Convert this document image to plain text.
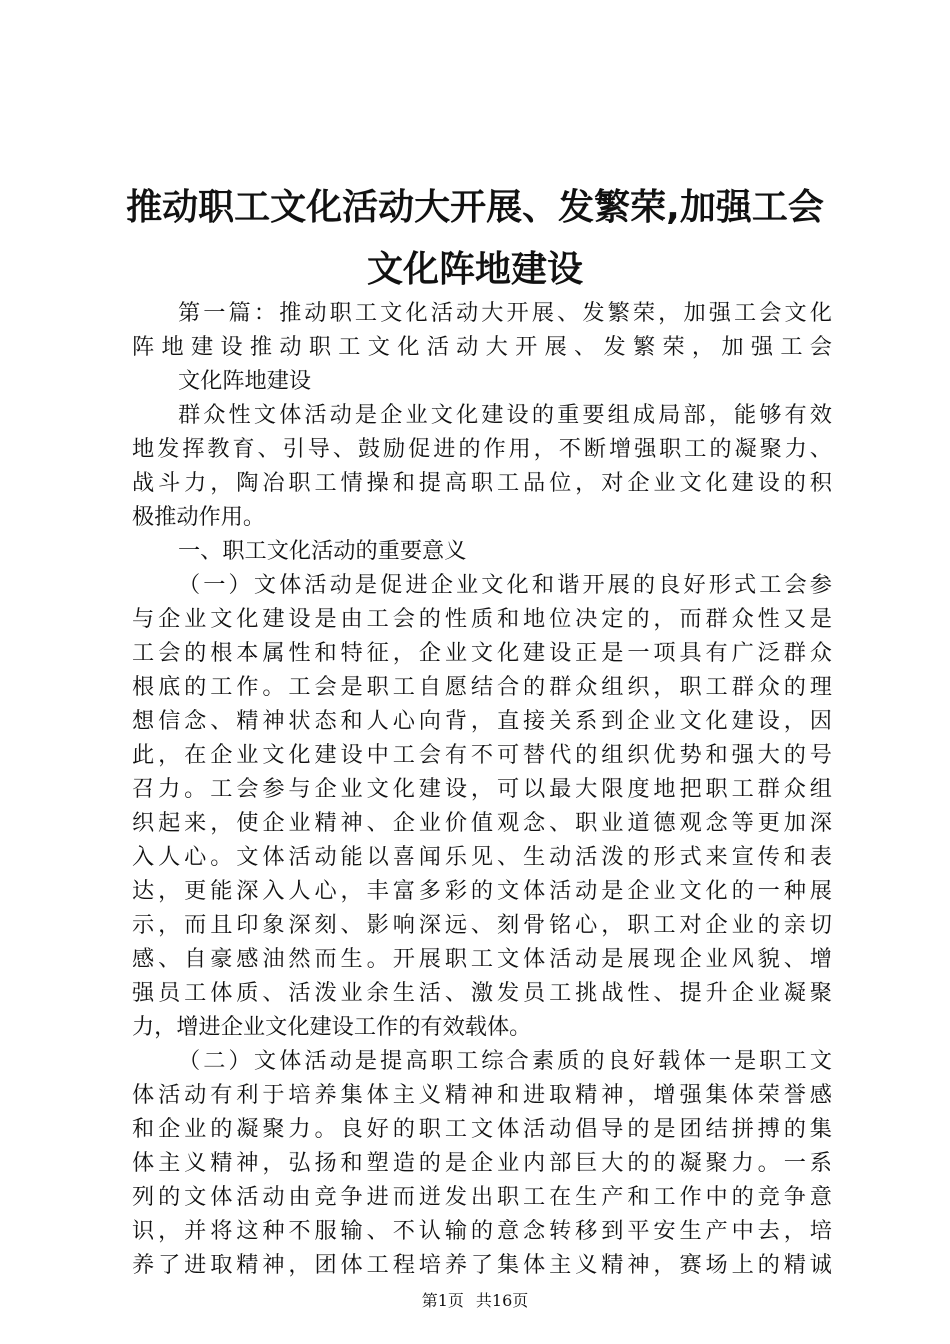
推动职工文化活动大开展、发繁荣,加强工会
文化阵地建设

第一篇：推动职工文化活动大开展、发繁荣，加强工会文化

阵地建设推动职工文化活动大开展、发繁荣，加强工会

文化阵地建设

群众性文体活动是企业文化建设的重要组成局部，能够有效

地发挥教育、引导、鼓励促进的作用，不断增强职工的凝聚力、

战斗力，陶冶职工情操和提高职工品位，对企业文化建设的积

极推动作用。

一、职工文化活动的重要意义

（一）文体活动是促进企业文化和谐开展的良好形式工会参

与企业文化建设是由工会的性质和地位决定的，而群众性又是

工会的根本属性和特征，企业文化建设正是一项具有广泛群众

根底的工作。工会是职工自愿结合的群众组织，职工群众的理

想信念、精神状态和人心向背，直接关系到企业文化建设，因

此，在企业文化建设中工会有不可替代的组织优势和强大的号

召力。工会参与企业文化建设，可以最大限度地把职工群众组

织起来，使企业精神、企业价值观念、职业道德观念等更加深

入人心。文体活动能以喜闻乐见、生动活泼的形式来宣传和表

达，更能深入人心，丰富多彩的文体活动是企业文化的一种展

示，而且印象深刻、影响深远、刻骨铭心，职工对企业的亲切

感、自豪感油然而生。开展职工文体活动是展现企业风貌、增

强员工体质、活泼业余生活、激发员工挑战性、提升企业凝聚

力，增进企业文化建设工作的有效载体。

（二）文体活动是提高职工综合素质的良好载体一是职工文

体活动有利于培养集体主义精神和进取精神，增强集体荣誉感

和企业的凝聚力。良好的职工文体活动倡导的是团结拼搏的集

体主义精神，弘扬和塑造的是企业内部巨大的的凝聚力。一系

列的文体活动由竞争进而迸发出职工在生产和工作中的竞争意

识，并将这种不服输、不认输的意念转移到平安生产中去，培

养了进取精神，团体工程培养了集体主义精神，赛场上的精诚

第1页 共16页
